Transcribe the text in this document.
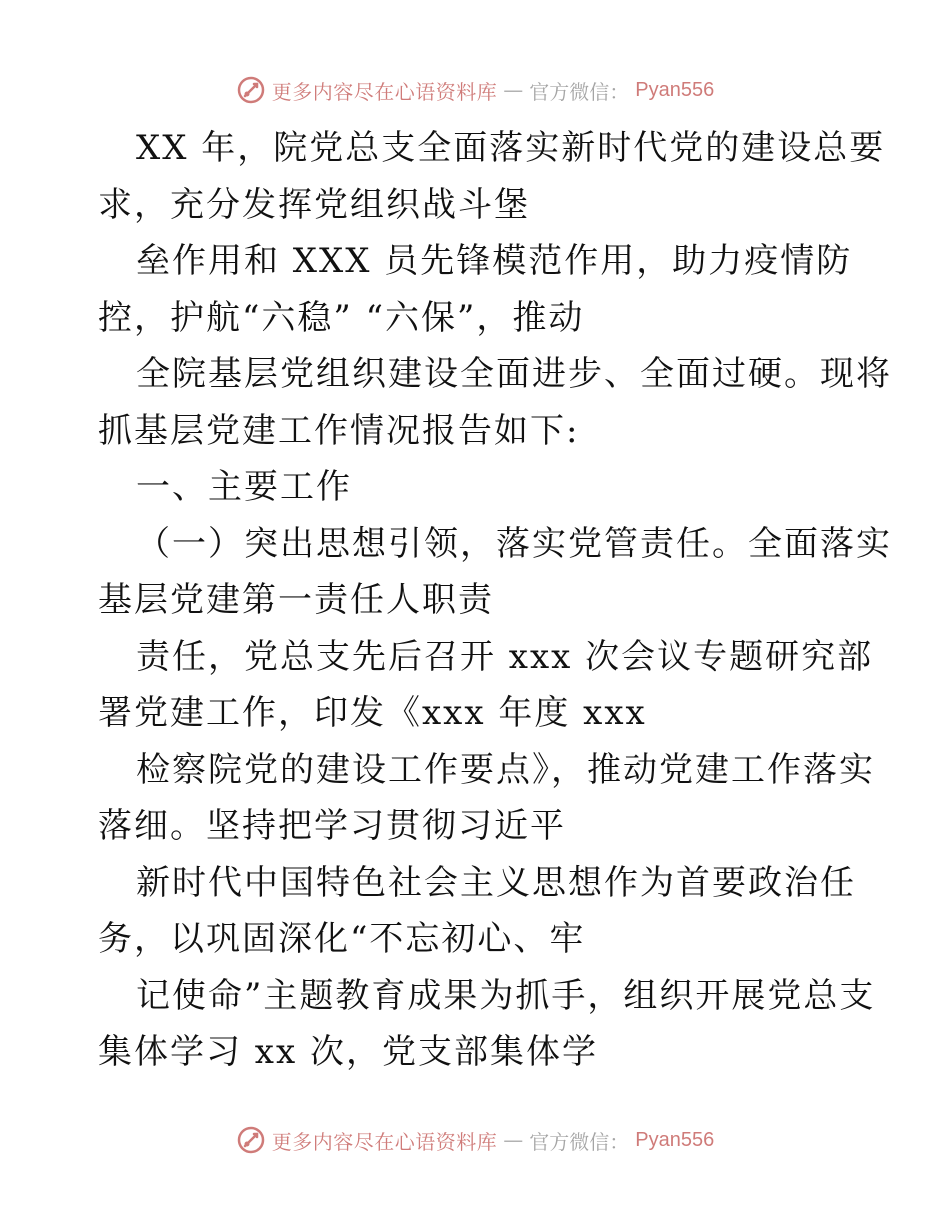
更多内容尽在心语资料库 — 官方微信： Pyan556
XX 年，院党总支全面落实新时代党的建设总要
求，充分发挥党组织战斗堡
垒作用和 XXX 员先锋模范作用，助力疫情防
控，护航“六稳” “六保”，推动
全院基层党组织建设全面进步、全面过硬。现将
抓基层党建工作情况报告如下:
一、主要工作
（一）突出思想引领，落实党管责任。全面落实
基层党建第一责任人职责
责任，党总支先后召开 xxx 次会议专题研究部
署党建工作，印发《xxx 年度 xxx
检察院党的建设工作要点》，推动党建工作落实
落细。坚持把学习贯彻习近平
新时代中国特色社会主义思想作为首要政治任
务，以巩固深化“不忘初心、牢
记使命”主题教育成果为抓手，组织开展党总支
集体学习 xx 次，党支部集体学
更多内容尽在心语资料库 — 官方微信： Pyan556
